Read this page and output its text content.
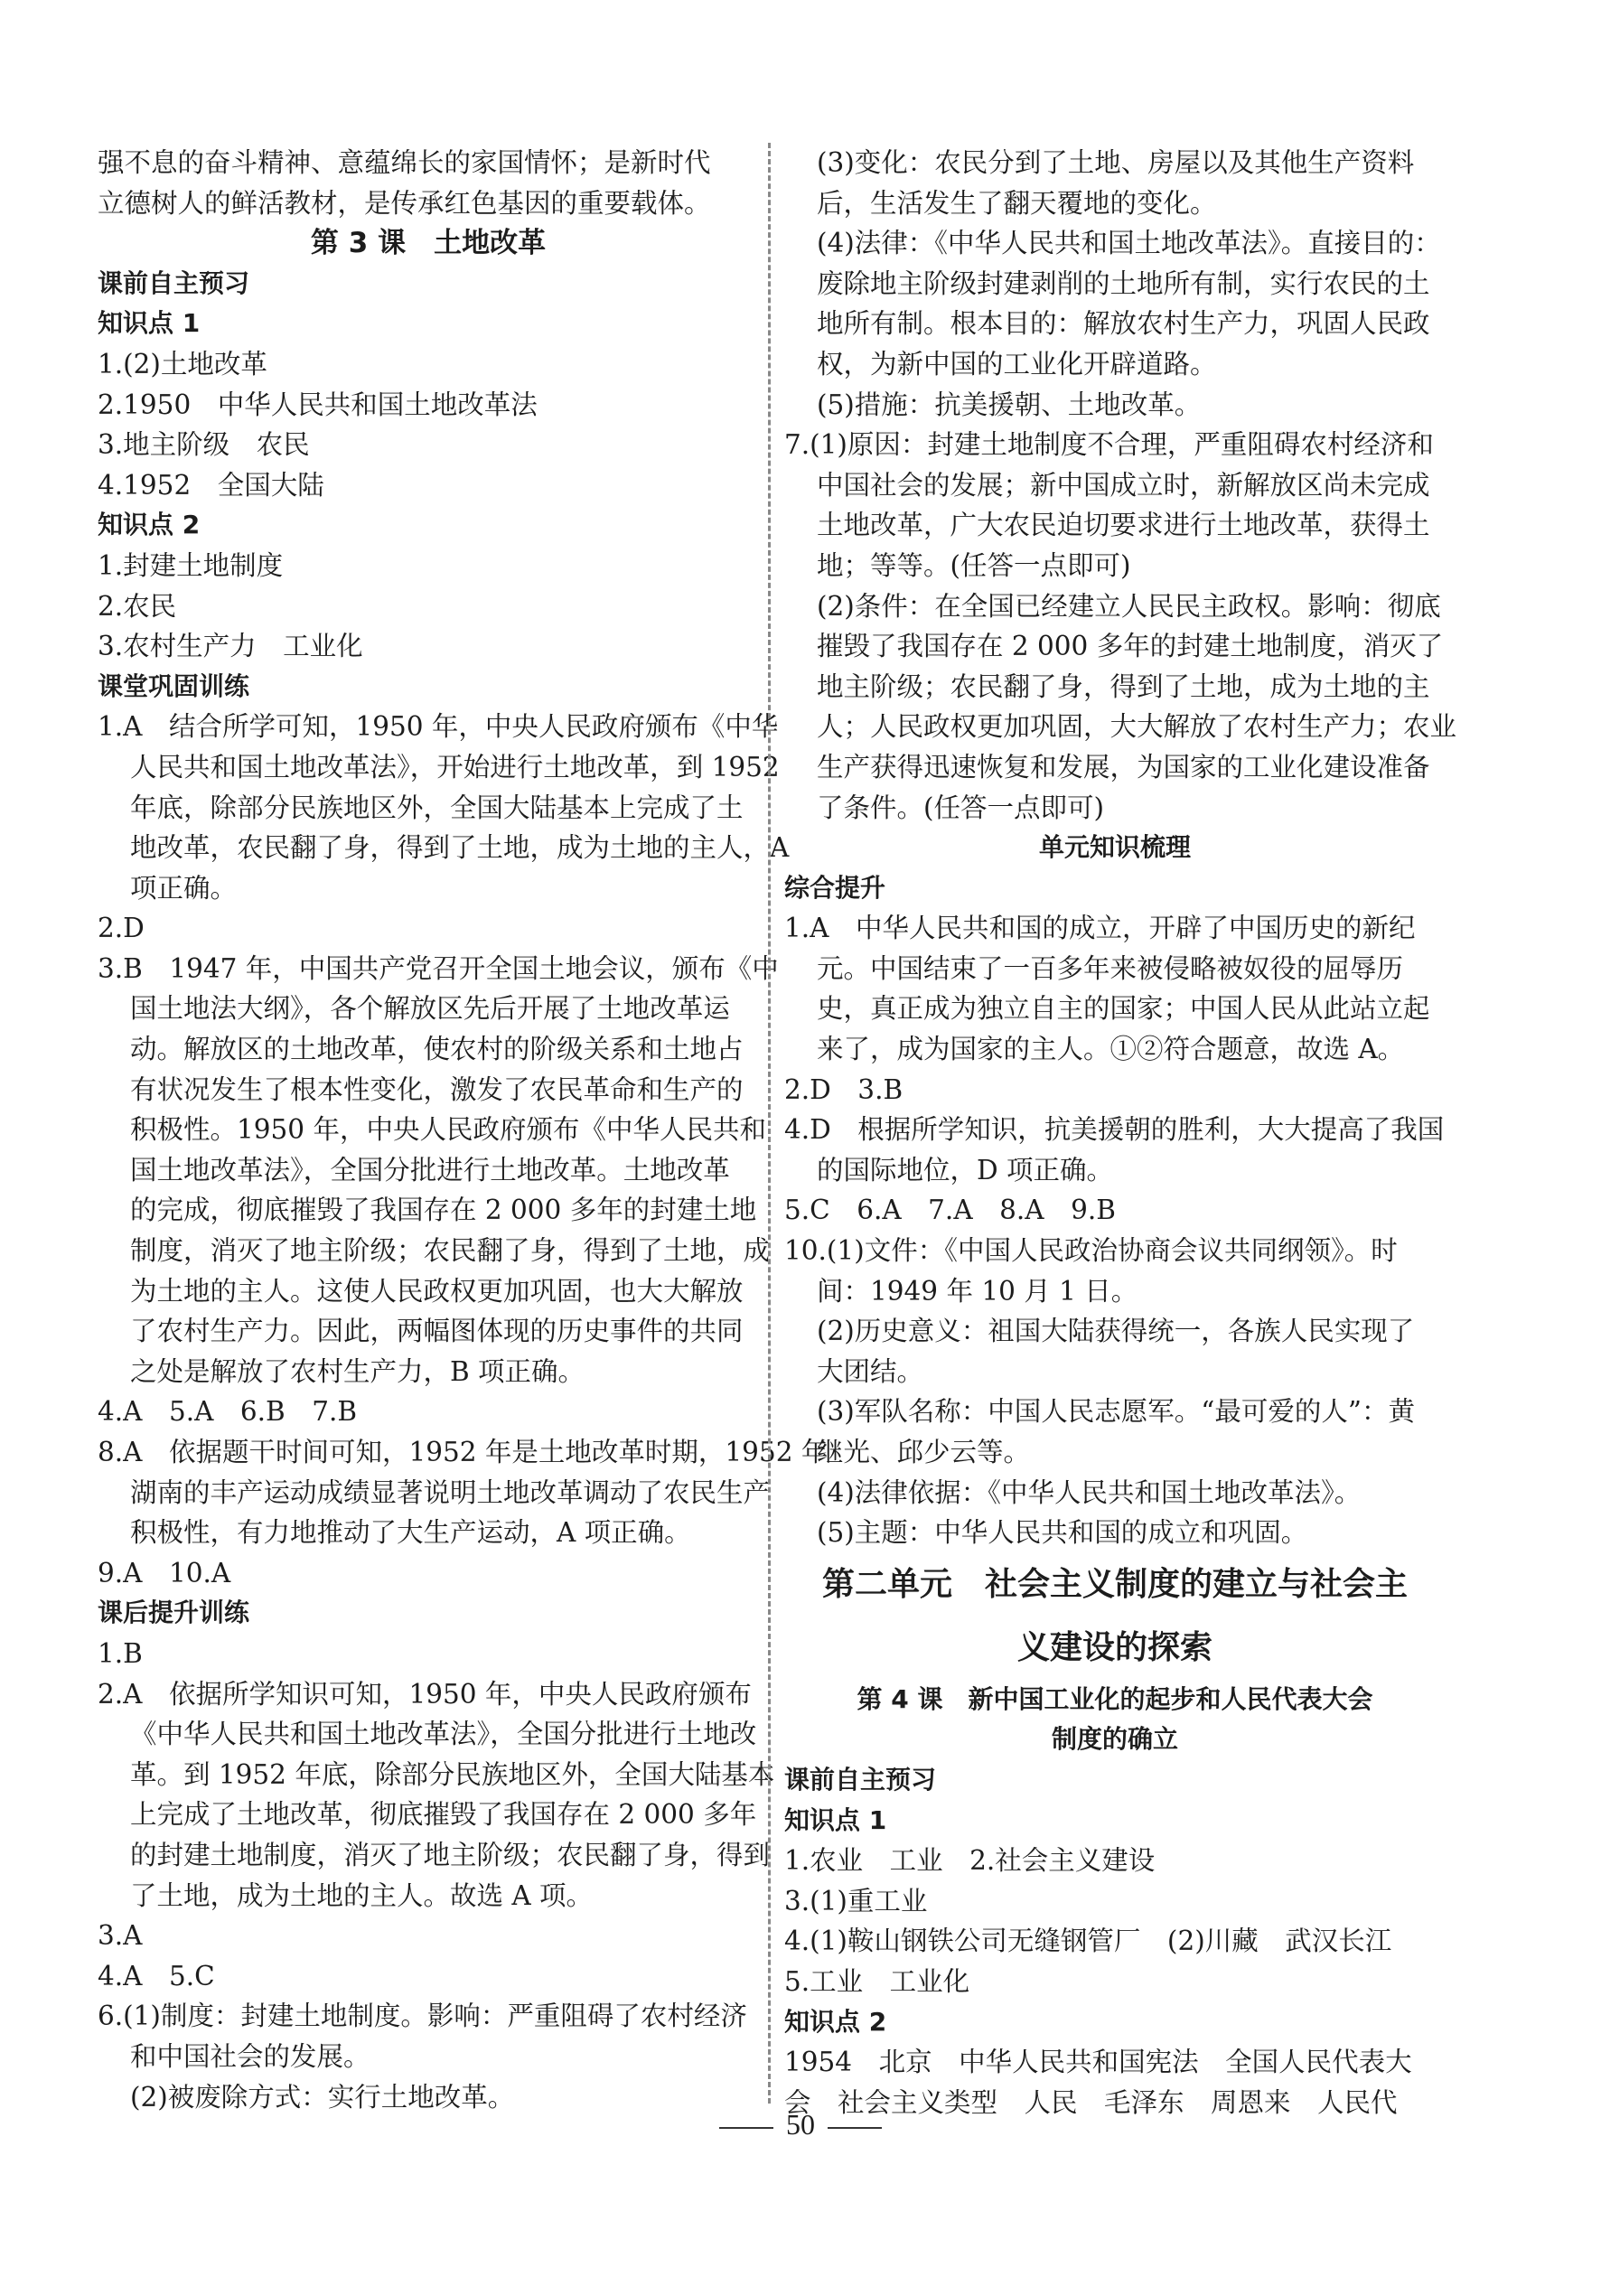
强不息的奋斗精神、意蕴绵长的家国情怀；是新时代
立德树人的鲜活教材，是传承红色基因的重要载体。
第 3 课　土地改革
课前自主预习
知识点 1
1.(2)土地改革
2.1950　中华人民共和国土地改革法
3.地主阶级　农民
4.1952　全国大陆
知识点 2
1.封建土地制度
2.农民
3.农村生产力　工业化
课堂巩固训练
1.A　结合所学可知，1950 年，中央人民政府颁布《中华
人民共和国土地改革法》，开始进行土地改革，到 1952
年底，除部分民族地区外，全国大陆基本上完成了土
地改革，农民翻了身，得到了土地，成为土地的主人，A
项正确。
2.D
3.B　1947 年，中国共产党召开全国土地会议，颁布《中
国土地法大纲》，各个解放区先后开展了土地改革运
动。解放区的土地改革，使农村的阶级关系和土地占
有状况发生了根本性变化，激发了农民革命和生产的
积极性。1950 年，中央人民政府颁布《中华人民共和
国土地改革法》，全国分批进行土地改革。土地改革
的完成，彻底摧毁了我国存在 2 000 多年的封建土地
制度，消灭了地主阶级；农民翻了身，得到了土地，成
为土地的主人。这使人民政权更加巩固，也大大解放
了农村生产力。因此，两幅图体现的历史事件的共同
之处是解放了农村生产力，B 项正确。
4.A　5.A　6.B　7.B
8.A　依据题干时间可知，1952 年是土地改革时期，1952 年
湖南的丰产运动成绩显著说明土地改革调动了农民生产
积极性，有力地推动了大生产运动，A 项正确。
9.A　10.A
课后提升训练
1.B
2.A　依据所学知识可知，1950 年，中央人民政府颁布
《中华人民共和国土地改革法》，全国分批进行土地改
革。到 1952 年底，除部分民族地区外，全国大陆基本
上完成了土地改革，彻底摧毁了我国存在 2 000 多年
的封建土地制度，消灭了地主阶级；农民翻了身，得到
了土地，成为土地的主人。故选 A 项。
3.A
4.A　5.C
6.(1)制度：封建土地制度。影响：严重阻碍了农村经济
和中国社会的发展。
(2)被废除方式：实行土地改革。
(3)变化：农民分到了土地、房屋以及其他生产资料
后，生活发生了翻天覆地的变化。
(4)法律：《中华人民共和国土地改革法》。直接目的：
废除地主阶级封建剥削的土地所有制，实行农民的土
地所有制。根本目的：解放农村生产力，巩固人民政
权，为新中国的工业化开辟道路。
(5)措施：抗美援朝、土地改革。
7.(1)原因：封建土地制度不合理，严重阻碍农村经济和
中国社会的发展；新中国成立时，新解放区尚未完成
土地改革，广大农民迫切要求进行土地改革，获得土
地；等等。(任答一点即可)
(2)条件：在全国已经建立人民民主政权。影响：彻底
摧毁了我国存在 2 000 多年的封建土地制度，消灭了
地主阶级；农民翻了身，得到了土地，成为土地的主
人；人民政权更加巩固，大大解放了农村生产力；农业
生产获得迅速恢复和发展，为国家的工业化建设准备
了条件。(任答一点即可)
单元知识梳理
综合提升
1.A　中华人民共和国的成立，开辟了中国历史的新纪
元。中国结束了一百多年来被侵略被奴役的屈辱历
史，真正成为独立自主的国家；中国人民从此站立起
来了，成为国家的主人。①②符合题意，故选 A。
2.D　3.B
4.D　根据所学知识，抗美援朝的胜利，大大提高了我国
的国际地位，D 项正确。
5.C　6.A　7.A　8.A　9.B
10.(1)文件：《中国人民政治协商会议共同纲领》。时
间：1949 年 10 月 1 日。
(2)历史意义：祖国大陆获得统一，各族人民实现了
大团结。
(3)军队名称：中国人民志愿军。“最可爱的人”：黄
继光、邱少云等。
(4)法律依据：《中华人民共和国土地改革法》。
(5)主题：中华人民共和国的成立和巩固。
第二单元　社会主义制度的建立与社会主
义建设的探索
第 4 课　新中国工业化的起步和人民代表大会
制度的确立
课前自主预习
知识点 1
1.农业　工业　2.社会主义建设
3.(1)重工业
4.(1)鞍山钢铁公司无缝钢管厂　(2)川藏　武汉长江
5.工业　工业化
知识点 2
1954　北京　中华人民共和国宪法　全国人民代表大
会　社会主义类型　人民　毛泽东　周恩来　人民代
50
